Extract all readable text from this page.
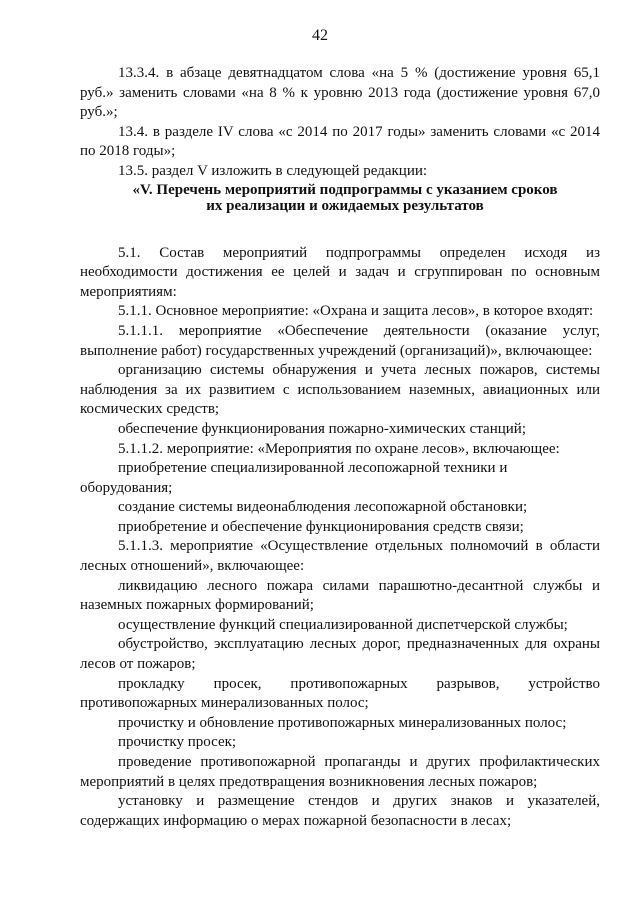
42

13.3.4. в абзаце девятнадцатом слова «на 5 % (достижение уровня 65,1 руб.» заменить словами «на 8 % к уровню 2013 года (достижение уровня 67,0 руб.»;

13.4. в разделе IV слова «с 2014 по 2017 годы» заменить словами «с 2014 по 2018 годы»;

13.5. раздел V изложить в следующей редакции:

«V. Перечень мероприятий подпрограммы с указанием сроков

их реализации и ожидаемых результатов

5.1. Состав мероприятий подпрограммы определен исходя из необходимости достижения ее целей и задач и сгруппирован по основным мероприятиям:

5.1.1. Основное мероприятие: «Охрана и защита лесов», в которое входят:

5.1.1.1. мероприятие «Обеспечение деятельности (оказание услуг, выполнение работ) государственных учреждений (организаций)», включающее:

организацию системы обнаружения и учета лесных пожаров, системы наблюдения за их развитием с использованием наземных, авиационных или космических средств;

обеспечение функционирования пожарно-химических станций;

5.1.1.2. мероприятие: «Мероприятия по охране лесов», включающее:

приобретение специализированной лесопожарной техники и оборудования;

создание системы видеонаблюдения лесопожарной обстановки;

приобретение и обеспечение функционирования средств связи;

5.1.1.3. мероприятие «Осуществление отдельных полномочий в области лесных отношений», включающее:

ликвидацию лесного пожара силами парашютно-десантной службы и наземных пожарных формирований;

осуществление функций специализированной диспетчерской службы;

обустройство, эксплуатацию лесных дорог, предназначенных для охраны лесов от пожаров;

прокладку просек, противопожарных разрывов, устройство противопожарных минерализованных полос;

прочистку и обновление противопожарных минерализованных полос;

прочистку просек;

проведение противопожарной пропаганды и других профилактических мероприятий в целях предотвращения возникновения лесных пожаров;

установку и размещение стендов и других знаков и указателей, содержащих информацию о мерах пожарной безопасности в лесах;
